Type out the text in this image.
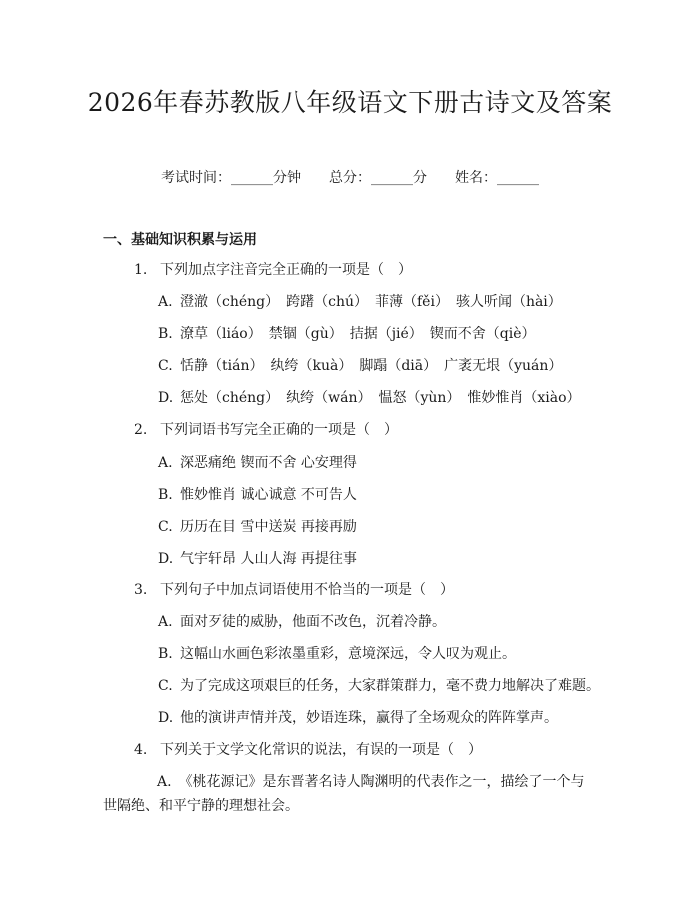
2026年春苏教版八年级语文下册古诗文及答案
考试时间：______分钟　　总分：______分　　姓名：______
一、基础知识积累与运用
1. 下列加点字注音完全正确的一项是（　）
A. 澄澈（chéng）　跨躇（chú）　菲薄（fěi）　骇人听闻（hài）
B. 潦草（liáo）　禁锢（gù）　拮据（jié）　锲而不舍（qiè）
C. 恬静（tián）　纨绔（kuà）　脚蹋（diā）　广袤无垠（yuán）
D. 惩处（chéng）　纨绔（wán）　愠怒（yùn）　惟妙惟肖（xiào）
2. 下列词语书写完全正确的一项是（　）
A. 深恶痛绝 锲而不舍 心安理得
B. 惟妙惟肖 诚心诚意 不可告人
C. 历历在目 雪中送炭 再接再励
D. 气宇轩昂 人山人海 再提往事
3. 下列句子中加点词语使用不恰当的一项是（　）
A. 面对歹徒的威胁，他面不改色，沉着冷静。
B. 这幅山水画色彩浓墨重彩，意境深远，令人叹为观止。
C. 为了完成这项艰巨的任务，大家群策群力，毫不费力地解决了难题。
D. 他的演讲声情并茂，妙语连珠，赢得了全场观众的阵阵掌声。
4. 下列关于文学文化常识的说法，有误的一项是（　）
A.  《桃花源记》是东晋著名诗人陶渊明的代表作之一，描绘了一个与世隔绝、和平宁静的理想社会。
